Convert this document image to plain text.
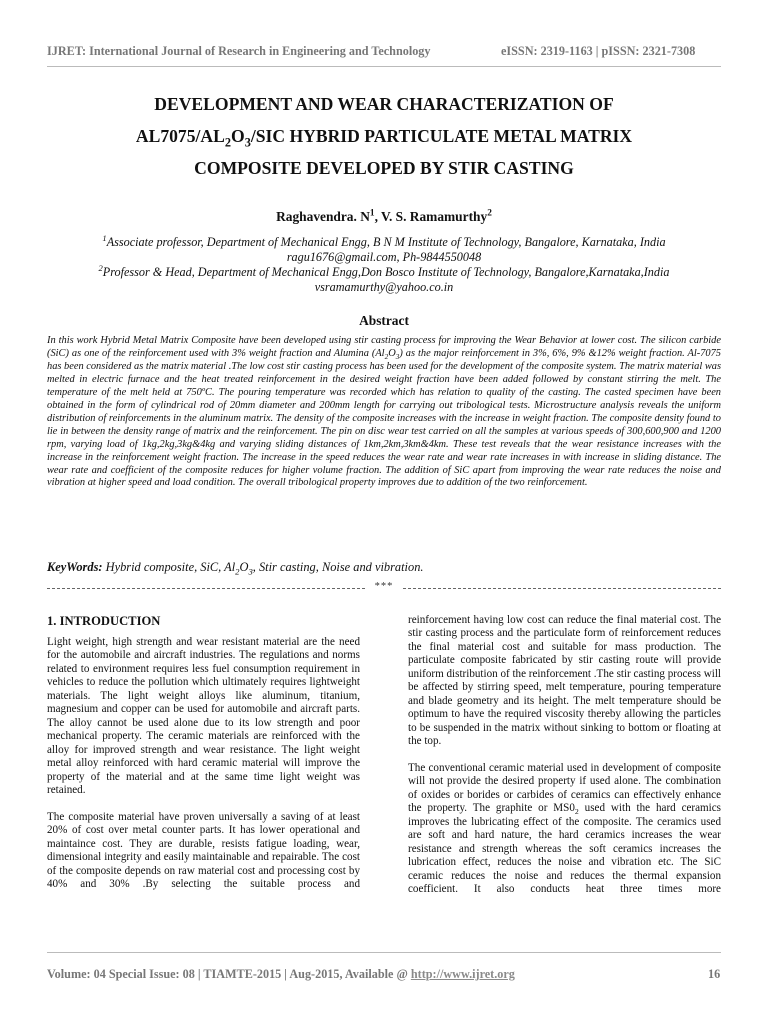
IJRET: International Journal of Research in Engineering and Technology	eISSN: 2319-1163 | pISSN: 2321-7308
DEVELOPMENT AND WEAR CHARACTERIZATION OF
$AL7075/AL_2O_3$/SIC HYBRID PARTICULATE METAL MATRIX
COMPOSITE DEVELOPED BY STIR CASTING
Raghavendra. $N^1$, V. S. Ramamurthy$^2$
$^1$Associate professor, Department of Mechanical Engg, B N M Institute of Technology, Bangalore, Karnataka, India
ragu1676@gmail.com, Ph-9844550048
$^2$Professor & Head, Department of Mechanical Engg,Don Bosco Institute of Technology, Bangalore,Karnataka,India
vsramamurthy@yahoo.co.in
Abstract
In this work Hybrid Metal Matrix Composite have been developed using stir casting process for improving the Wear Behavior at lower cost. The silicon carbide (SiC) as one of the reinforcement used with 3% weight fraction and Alumina $(Al_2O_3)$ as the major reinforcement in 3%, 6%, 9% &12% weight fraction. Al-7075 has been considered as the matrix material .The low cost stir casting process has been used for the development of the composite system. The matrix material was melted in electric furnace and the heat treated reinforcement in the desired weight fraction have been added followed by constant stirring the melt. The temperature of the melt held at 750ºC. The pouring temperature was recorded which has relation to quality of the casting. The casted specimen have been obtained in the form of cylindrical rod of 20mm diameter and 200mm length for carrying out tribological tests. Microstructure analysis reveals the uniform distribution of reinforcements in the aluminum matrix. The density of the composite increases with the increase in weight fraction. The composite density found to lie in between the density range of matrix and the reinforcement. The pin on disc wear test carried on all the samples at various speeds of 300,600,900 and 1200 rpm, varying load of 1kg,2kg,3kg&4kg and varying sliding distances of 1km,2km,3km&4km. These test reveals that the wear resistance increases with the increase in the reinforcement weight fraction. The increase in the speed reduces the wear rate and wear rate increases in with increase in sliding distance. The wear rate and coefficient of the composite reduces for higher volume fraction. The addition of SiC apart from improving the wear rate reduces the noise and vibration at higher speed and load condition. The overall tribological property improves due to addition of the two reinforcement.
KeyWords: Hybrid composite, SiC, $Al_2O_3$, Stir casting, Noise and vibration.
***
1. INTRODUCTION
Light weight, high strength and wear resistant material are the need for the automobile and aircraft industries. The regulations and norms related to environment requires less fuel consumption requirement in vehicles to reduce the pollution which ultimately requires lightweight materials. The light weight alloys like aluminum, titanium, magnesium and copper can be used for automobile and aircraft parts. The alloy cannot be used alone due to its low strength and poor mechanical property. The ceramic materials are reinforced with the alloy for improved strength and wear resistance. The light weight metal alloy reinforced with hard ceramic material will improve the property of the material and at the same time light weight was retained.
The composite material have proven universally a saving of at least 20% of cost over metal counter parts. It has lower operational and maintaince cost. They are durable, resists fatigue loading, wear, dimensional integrity and easily maintainable and repairable. The cost of the composite depends on raw material cost and processing cost by 40% and 30% .By selecting the suitable process and
reinforcement having low cost can reduce the final material cost. The stir casting process and the particulate form of reinforcement reduces the final material cost and suitable for mass production. The particulate composite fabricated by stir casting route will provide uniform distribution of the reinforcement .The stir casting process will be affected by stirring speed, melt temperature, pouring temperature and blade geometry and its height. The melt temperature should be optimum to have the required viscosity thereby allowing the particles to be suspended in the matrix without sinking to bottom or floating at the top.
The conventional ceramic material used in development of composite will not provide the desired property if used alone. The combination of oxides or borides or carbides of ceramics can effectively enhance the property. The graphite or $MS0_2$ used with the hard ceramics improves the lubricating effect of the composite. The ceramics used are soft and hard nature, the hard ceramics increases the wear resistance and strength whereas the soft ceramics increases the lubrication effect, reduces the noise and vibration etc. The SiC ceramic reduces the noise and reduces the thermal expansion coefficient. It also conducts heat three times more
Volume: 04 Special Issue: 08 | TIAMTE-2015 | Aug-2015, Available @ http://www.ijret.org	16
